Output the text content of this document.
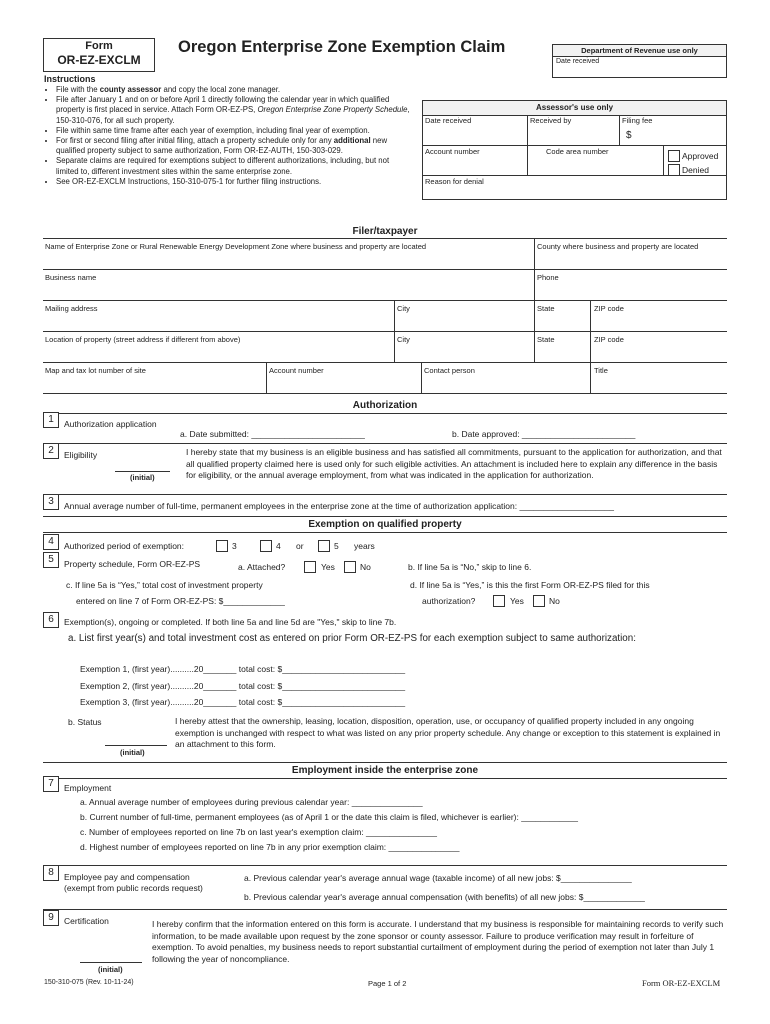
Form
OR-EZ-EXCLM
Oregon Enterprise Zone Exemption Claim	Department of Revenue use only
Date received
Instructions
• File with the county assessor and copy the local zone manager.
• File after January 1 and on or before April 1 directly following the calendar year in which qualified property is first placed in service. Attach Form OR-EZ-PS, Oregon Enterprise Zone Property Schedule, 150-310-076, for all such property.
• File within same time frame after each year of exemption, including final year of exemption.
• For first or second filing after initial filing, attach a property schedule only for any additional new qualified property subject to same authorization, Form OR-EZ-AUTH, 150-303-029.
• Separate claims are required for exemptions subject to different authorizations, including, but not limited to, different investment sites within the same enterprise zone.
• See OR-EZ-EXCLM Instructions, 150-310-075-1 for further filing instructions.
Assessor's use only
Date received	Received by	Filing fee
$
Account number	Code area number	Approved
Denied
Reason for denial
Filer/taxpayer
Name of Enterprise Zone or Rural Renewable Energy Development Zone where business and property are located	County where business and property are located
Business name	Phone
Mailing address	City	State	ZIP code
Location of property (street address if different from above)	City	State	ZIP code
Map and tax lot number of site	Account number	Contact person	Title
Authorization
1	Authorization application
a. Date submitted: ________________________	b. Date approved: ________________________
2	Eligibility
(initial)
I hereby state that my business is an eligible business and has satisfied all commitments, pursuant to the application for authorization, and that all qualified property claimed here is used only for such eligible activities. An attachment is included here to explain any difference in the basis for eligibility, or the annual average employment, from what was indicated in the application for authorization.
3	Annual average number of full-time, permanent employees in the enterprise zone at the time of authorization application: ____________________
Exemption on qualified property
4	Authorized period of exemption:	3	4 or	5 years
5	Property schedule, Form OR-EZ-PS	a. Attached?	Yes	No	b. If line 5a is “No,” skip to line 6.
c. If line 5a is “Yes,” total cost of investment property
entered on line 7 of Form OR-EZ-PS: $_____________
d. If line 5a is “Yes,” is this the first Form OR-EZ-PS filed for this
authorization?	Yes	No
6	Exemption(s), ongoing or completed. If both line 5a and line 5d are "Yes," skip to line 7b.
a. List first year(s) and total investment cost as entered on prior Form OR-EZ-PS for each exemption subject to same authorization:
Exemption 1, (first year)..........20_______ total cost: $__________________________
Exemption 2, (first year)..........20_______ total cost: $__________________________
Exemption 3, (first year)..........20_______ total cost: $__________________________
b. Status
(initial)
I hereby attest that the ownership, leasing, location, disposition, operation, use, or occupancy of qualified property included in any ongoing exemption is unchanged with respect to what was listed on any prior property schedule. Any change or exception to this statement is explained in an attachment to this form.
Employment inside the enterprise zone
7	Employment
a. Annual average number of employees during previous calendar year: _______________
b. Current number of full-time, permanent employees (as of April 1 or the date this claim is filed, whichever is earlier): ____________
c. Number of employees reported on line 7b on last year's exemption claim: _______________
d. Highest number of employees reported on line 7b in any prior exemption claim: _______________
8	Employee pay and compensation
(exempt from public records request)
a. Previous calendar year's average annual wage (taxable income) of all new jobs: $_______________
b. Previous calendar year's average annual compensation (with benefits) of all new jobs: $_____________
9	Certification	I hereby confirm that the information entered on this form is accurate. I understand that my business is responsible for maintaining records to verify such information, to be made available upon request by the zone sponsor or county assessor. Failure to produce verification may result in forfeiture of exemption. To avoid penalties, my business needs to report substantial curtailment of employment during the period of exemption not later than July 1 following the year of noncompliance.
(initial)
150-310-075 (Rev. 10-11-24)	Page 1 of 2	Form OR-EZ-EXCLM
